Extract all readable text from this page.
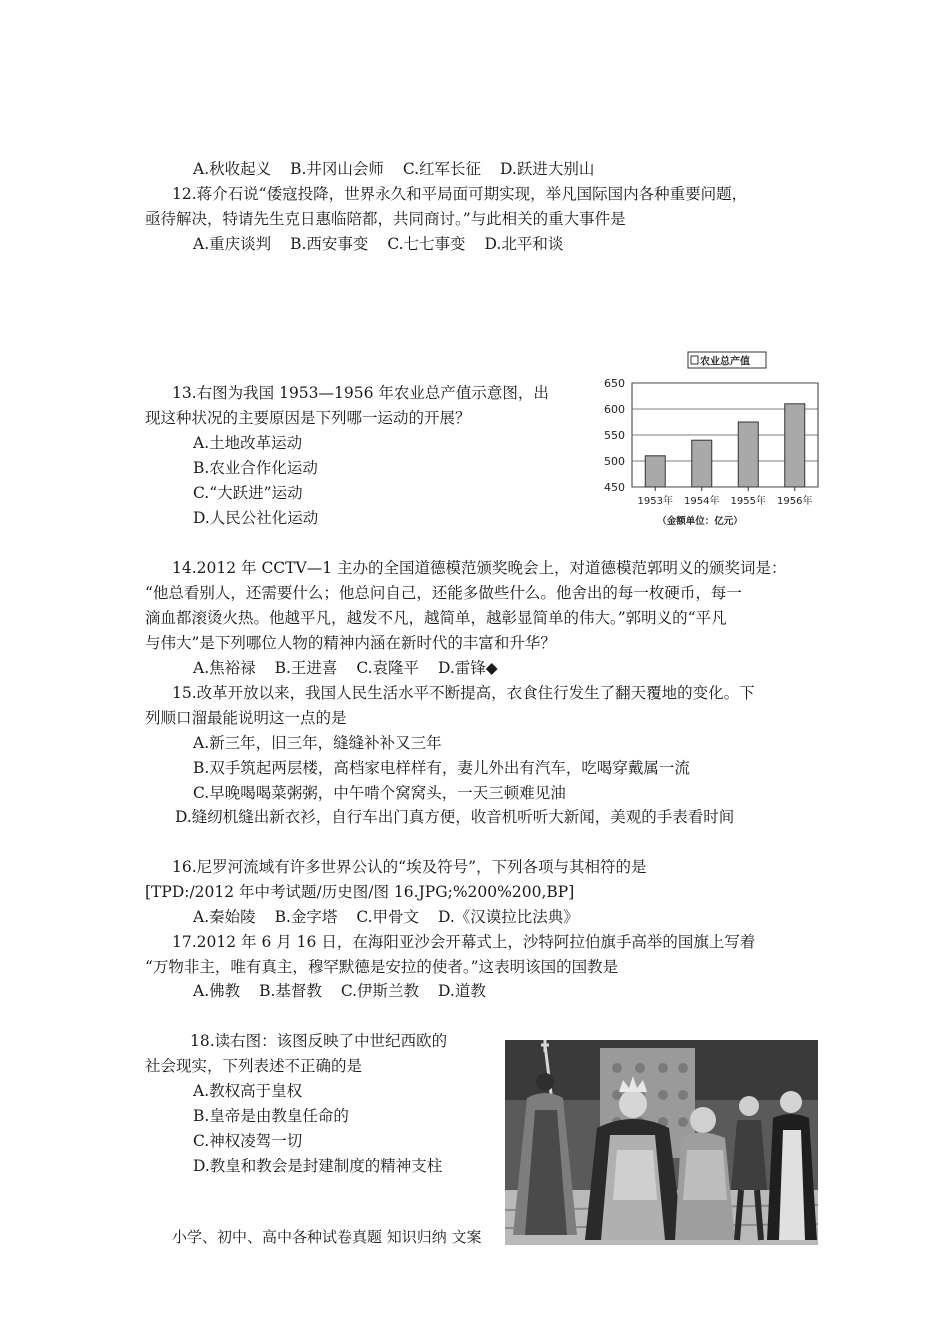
A.秋收起义 B.井冈山会师 C.红军长征 D.跃进大别山
12.蒋介石说“倭寇投降，世界永久和平局面可期实现，举凡国际国内各种重要问题，
亟待解决，特请先生克日惠临陪都，共同商讨。”与此相关的重大事件是
A.重庆谈判 B.西安事变 C.七七事变 D.北平和谈
13.右图为我国 1953—1956 年农业总产值示意图，出
现这种状况的主要原因是下列哪一运动的开展？
A.土地改革运动
B.农业合作化运动
C.“大跃进”运动
D.人民公社化运动
农业总产值
450
500
550
600
650
1953年 1954年 1955年 1956年
（金额单位：亿元）
14.2012 年 CCTV—1 主办的全国道德模范颁奖晚会上，对道德模范郭明义的颁奖词是：
“他总看别人，还需要什么；他总问自己，还能多做些什么。他舍出的每一枚硬币，每一
滴血都滚烫火热。他越平凡，越发不凡，越简单，越彰显简单的伟大。”郭明义的“平凡
与伟大”是下列哪位人物的精神内涵在新时代的丰富和升华？
A.焦裕禄 B.王进喜 C.袁隆平 D.雷锋◆
15.改革开放以来，我国人民生活水平不断提高，衣食住行发生了翻天覆地的变化。下
列顺口溜最能说明这一点的是
A.新三年，旧三年，缝缝补补又三年
B.双手筑起两层楼，高档家电样样有，妻儿外出有汽车，吃喝穿戴属一流
C.早晚喝喝菜粥粥，中午啃个窝窝头，一天三顿难见油
D.缝纫机缝出新衣衫，自行车出门真方便，收音机听听大新闻，美观的手表看时间
16.尼罗河流域有许多世界公认的“埃及符号”，下列各项与其相符的是
[TPD:/2012 年中考试题/历史图/图 16.JPG;%200%200,BP]
A.秦始陵 B.金字塔 C.甲骨文 D.《汉谟拉比法典》
17.2012 年 6 月 16 日，在海阳亚沙会开幕式上，沙特阿拉伯旗手高举的国旗上写着
“万物非主，唯有真主，穆罕默德是安拉的使者。”这表明该国的国教是
A.佛教 B.基督教 C.伊斯兰教 D.道教
18.读右图：该图反映了中世纪西欧的
社会现实，下列表述不正确的是
A.教权高于皇权
B.皇帝是由教皇任命的
C.神权凌驾一切
D.教皇和教会是封建制度的精神支柱
小学、初中、高中各种试卷真题 知识归纳 文案
